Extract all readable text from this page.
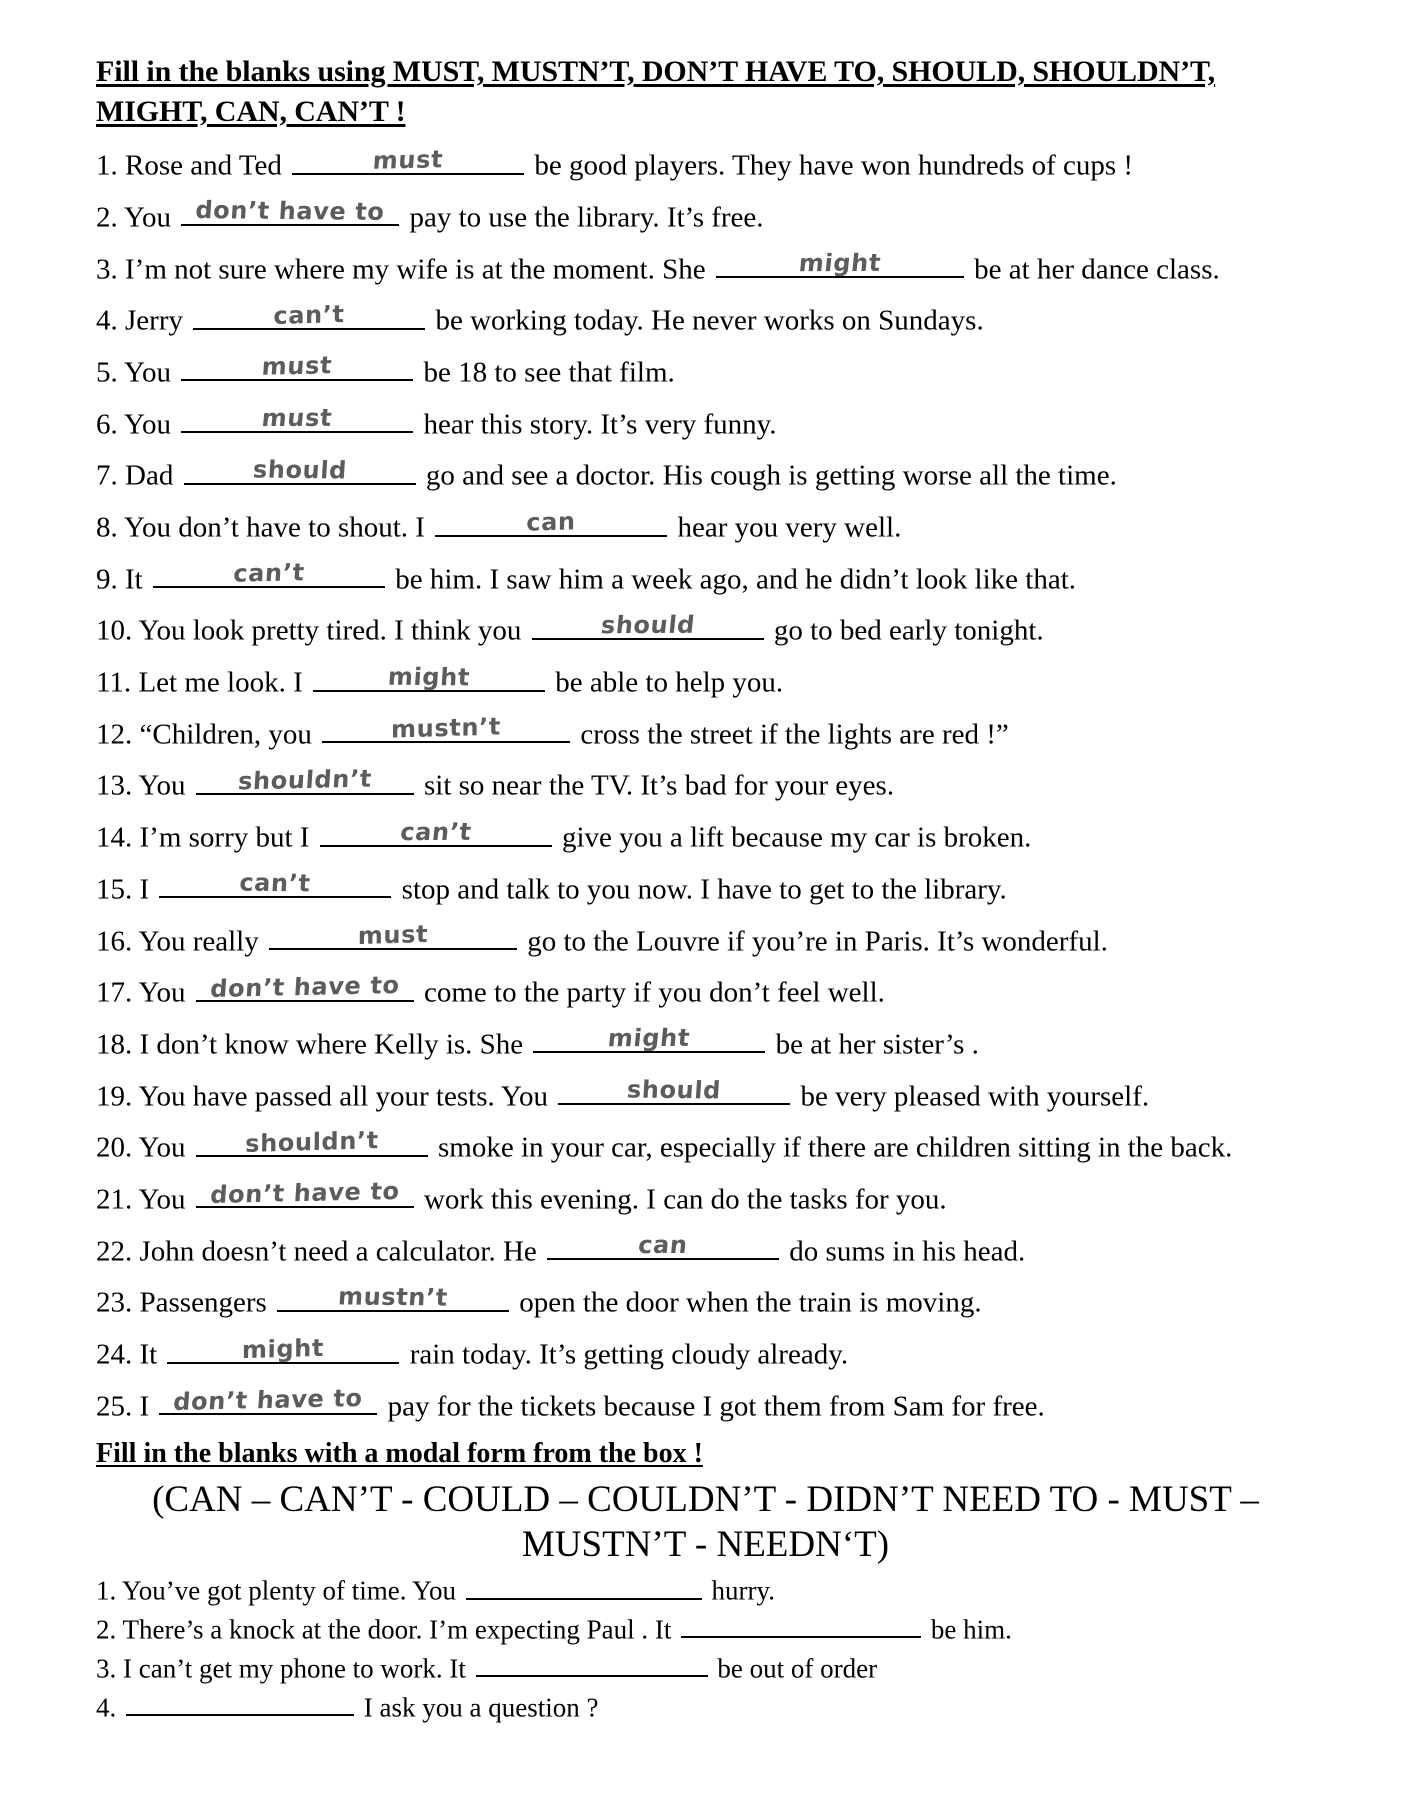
Fill in the blanks using MUST, MUSTN’T, DON’T HAVE TO, SHOULD, SHOULDN’T, MIGHT, CAN, CAN’T !

1. Rose and Ted	must	be good players. They have won hundreds of cups !

2. You don’t have to pay to use the library. It’s free.

3. I’m not sure where my wife is at the moment. She	might	be at her dance class.

4. Jerry	can’t	be working today. He never works on Sundays.

5. You	must	be 18 to see that film.

6. You	must	hear this story. It’s very funny.

7. Dad	should	go and see a doctor. His cough is getting worse all the time.

8. You don’t have to shout. I	can	hear you very well.

9. It	can’t	be him. I saw him a week ago, and he didn’t look like that.

10. You look pretty tired. I think you	should	go to bed early tonight.

11. Let me look. I	might	be able to help you.

12. “Children, you	mustn’t	cross the street if the lights are red !”

13. You	shouldn’t	sit so near the TV. It’s bad for your eyes.

14. I’m sorry but I	can’t	give you a lift because my car is broken.

15. I	can’t	stop and talk to you now. I have to get to the library.

16. You really	must	go to the Louvre if you’re in Paris. It’s wonderful.

17. You don’t have to come to the party if you don’t feel well.

18. I don’t know where Kelly is. She	might	be at her sister’s .

19. You have passed all your tests. You	should	be very pleased with yourself.

20. You	shouldn’t	smoke in your car, especially if there are children sitting in the back.

21. You don’t have to work this evening. I can do the tasks for you.

22. John doesn’t need a calculator. He	can	do sums in his head.

23. Passengers	mustn’t	open the door when the train is moving.

24. It	might	rain today. It’s getting cloudy already.

25. I don’t have to pay for the tickets because I got them from Sam for free.

Fill in the blanks with a modal form from the box !
(CAN – CAN’T - COULD – COULDN’T - DIDN’T NEED TO - MUST – MUSTN’T - NEEDN‘T)

1. You’ve got plenty of time. You	hurry.

2. There’s a knock at the door. I’m expecting Paul . It	be him.

3. I can’t get my phone to work. It	be out of order

4.	I ask you a question ?
